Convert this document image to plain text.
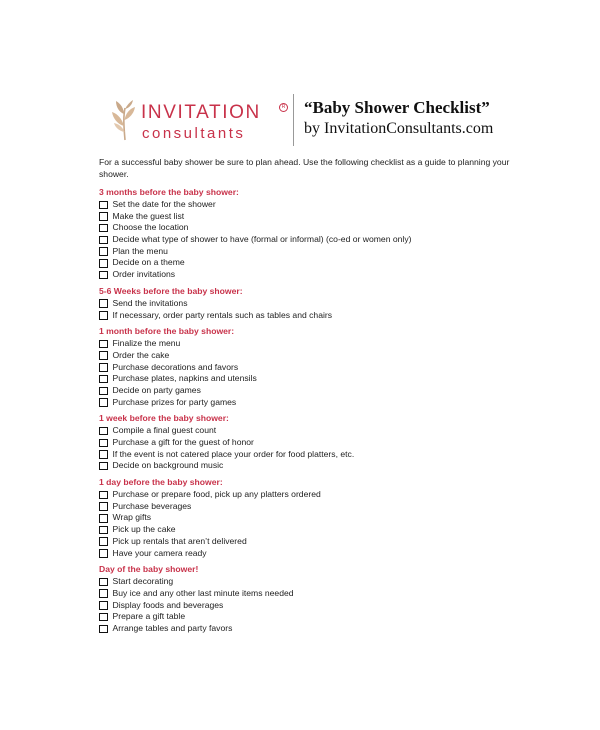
INVITATION	R
consultants
“Baby Shower Checklist”
by InvitationConsultants.com

For a successful baby shower be sure to plan ahead. Use the following checklist as a guide to planning your shower.

3 months before the baby shower:
Set the date for the shower
Make the guest list
Choose the location
Decide what type of shower to have (formal or informal) (co-ed or women only)
Plan the menu
Decide on a theme
Order invitations
5-6 Weeks before the baby shower:
Send the invitations
If necessary, order party rentals such as tables and chairs
1 month before the baby shower:
Finalize the menu
Order the cake
Purchase decorations and favors
Purchase plates, napkins and utensils
Decide on party games
Purchase prizes for party games
1 week before the baby shower:
Compile a final guest count
Purchase a gift for the guest of honor
If the event is not catered place your order for food platters, etc.
Decide on background music
1 day before the baby shower:
Purchase or prepare food, pick up any platters ordered
Purchase beverages
Wrap gifts
Pick up the cake
Pick up rentals that aren’t delivered
Have your camera ready
Day of the baby shower!
Start decorating
Buy ice and any other last minute items needed
Display foods and beverages
Prepare a gift table
Arrange tables and party favors
